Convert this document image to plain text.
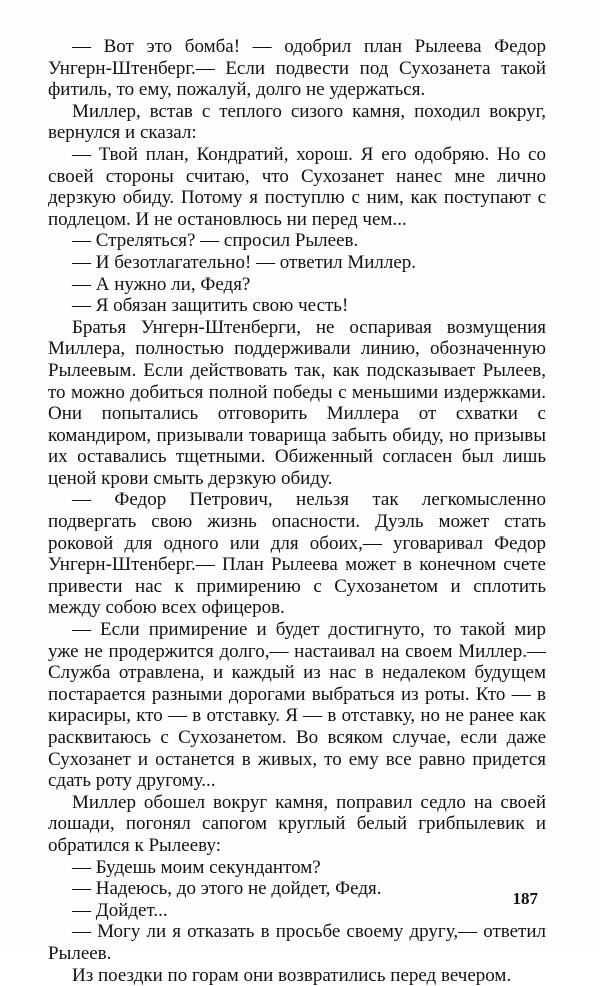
— Вот это бомба! — одобрил план Рылеева Федор Унгерн-Штенберг.— Если подвести под Сухозанета такой фитиль, то ему, пожалуй, долго не удержаться.

Миллер, встав с теплого сизого камня, походил вокруг, вернулся и сказал:

— Твой план, Кондратий, хорош. Я его одобряю. Но со своей стороны считаю, что Сухозанет нанес мне лично дерзкую обиду. Потому я поступлю с ним, как поступают с подлецом. И не остановлюсь ни перед чем...

— Стреляться? — спросил Рылеев.

— И безотлагательно! — ответил Миллер.

— А нужно ли, Федя?

— Я обязан защитить свою честь!

Братья Унгерн-Штенберги, не оспаривая возмущения Миллера, полностью поддерживали линию, обозначенную Рылеевым. Если действовать так, как подсказывает Рылеев, то можно добиться полной победы с меньшими издержками. Они попытались отговорить Миллера от схватки с командиром, призывали товарища забыть обиду, но призывы их оставались тщетными. Обиженный согласен был лишь ценой крови смыть дерзкую обиду.

— Федор Петрович, нельзя так легкомысленно подвергать свою жизнь опасности. Дуэль может стать роковой для одного или для обоих,— уговаривал Федор Унгерн-Штенберг.— План Рылеева может в конечном счете привести нас к примирению с Сухозанетом и сплотить между собою всех офицеров.

— Если примирение и будет достигнуто, то такой мир уже не продержится долго,— настаивал на своем Миллер.— Служба отравлена, и каждый из нас в недалеком будущем постарается разными дорогами выбраться из роты. Кто — в кирасиры, кто — в отставку. Я — в отставку, но не ранее как расквитаюсь с Сухозанетом. Во всяком случае, если даже Сухозанет и останется в живых, то ему все равно придется сдать роту другому...

Миллер обошел вокруг камня, поправил седло на своей лошади, погонял сапогом круглый белый грибпылевик и обратился к Рылееву:

— Будешь моим секундантом?

— Надеюсь, до этого не дойдет, Федя.

— Дойдет...

— Могу ли я отказать в просьбе своему другу,— ответил Рылеев.

Из поездки по горам они возвратились перед вечером.

187
